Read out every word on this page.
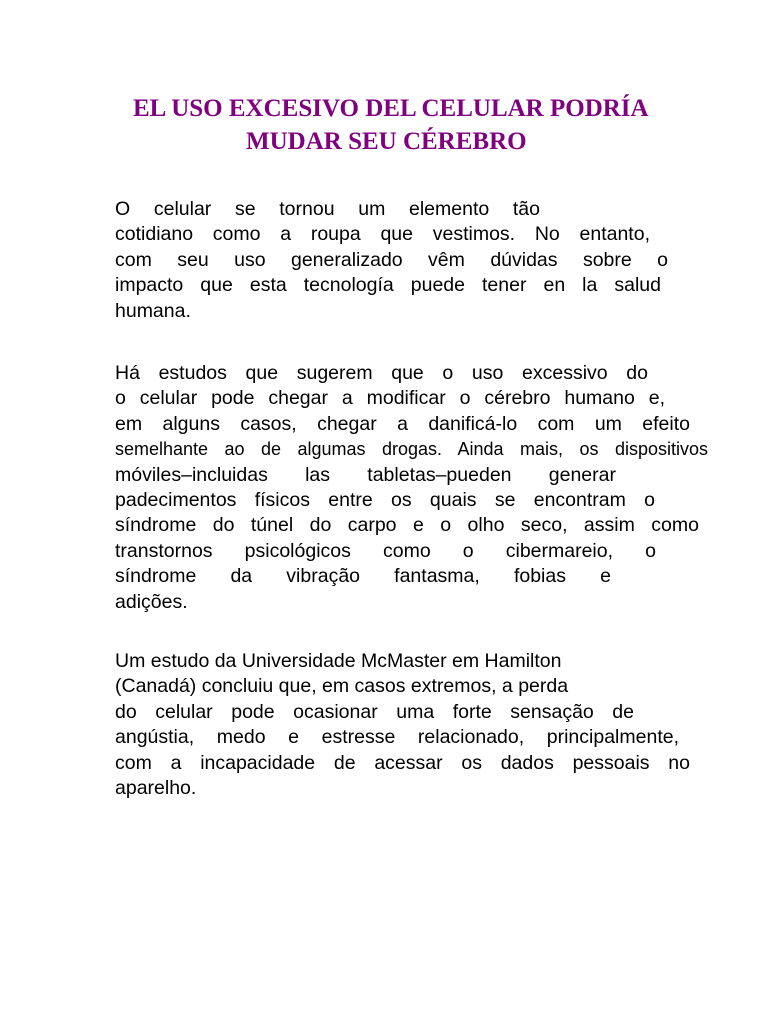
EL USO EXCESIVO DEL CELULAR PODRÍA
MUDAR SEU CÉREBRO

O celular se tornou um elemento tão
cotidiano como a roupa que vestimos. No entanto,
com seu uso generalizado vêm dúvidas sobre o
impacto que esta tecnología puede tener en la salud
humana.

Há estudos que sugerem que o uso excessivo do
o celular pode chegar a modificar o cérebro humano e,
em alguns casos, chegar a danificá-lo com um efeito
semelhante ao de algumas drogas. Ainda mais, os dispositivos
móviles–incluidas las tabletas–pueden generar
padecimentos físicos entre os quais se encontram o
síndrome do túnel do carpo e o olho seco, assim como
transtornos psicológicos como o cibermareio, o
síndrome da vibração fantasma, fobias e
adições.

Um estudo da Universidade McMaster em Hamilton
(Canadá) concluiu que, em casos extremos, a perda
do celular pode ocasionar uma forte sensação de
angústia, medo e estresse relacionado, principalmente,
com a incapacidade de acessar os dados pessoais no
aparelho.
